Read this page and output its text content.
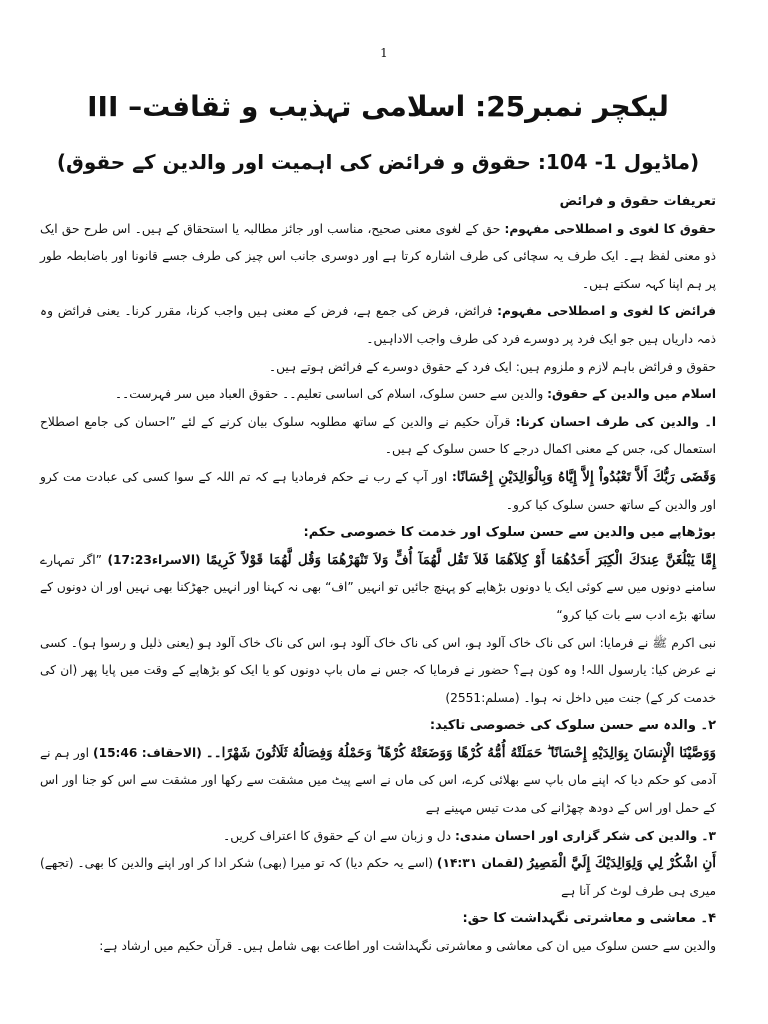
1
لیکچر نمبر25: اسلامی تہذیب و ثقافت– III
(ماڈیول 1- 104: حقوق و فرائض کی اہمیت اور والدین کے حقوق)

تعریفات حقوق و فرائض

حقوق کا لغوی و اصطلاحی مفہوم: حق کے لغوی معنی صحیح، مناسب اور جائز مطالبہ یا استحقاق کے ہیں۔ اس طرح حق ایک ذو معنی لفظ ہے۔ ایک طرف یہ سچائی کی طرف اشارہ کرتا ہے اور دوسری جانب اس چیز کی طرف جسے قانونا اور باضابطہ طور پر ہم اپنا کہہ سکتے ہیں۔

فرائض کا لغوی و اصطلاحی مفہوم: فرائض، فرض کی جمع ہے، فرض کے معنی ہیں واجب کرنا، مقرر کرنا۔ یعنی فرائض وہ ذمہ داریاں ہیں جو ایک فرد پر دوسرے فرد کی طرف واجب الاداہیں۔

حقوق و فرائض باہم لازم و ملزوم ہیں: ایک فرد کے حقوق دوسرے کے فرائض ہوتے ہیں۔

اسلام میں والدین کے حقوق: والدین سے حسن سلوک، اسلام کی اساسی تعلیم۔۔ حقوق العباد میں سر فہرست۔۔

ا۔ والدین کی طرف احسان کرنا: قرآن حکیم نے والدین کے ساتھ مطلوبہ سلوک بیان کرنے کے لئے ”احسان کی جامع اصطلاح استعمال کی، جس کے معنی اکمال درجے کا حسن سلوک کے ہیں۔

وَقَضَى رَبُّكَ أَلاَّ تَعْبُدُواْ إِلاَّ إِيَّاهُ وَبِالْوَالِدَيْنِ إِحْسَانًا: اور آپ کے رب نے حکم فرمادیا ہے کہ تم اللہ کے سوا کسی کی عبادت مت کرو اور والدین کے ساتھ حسن سلوک کیا کرو۔

بوڑھاپے میں والدین سے حسن سلوک اور خدمت کا خصوصی حکم:

إِمَّا يَبْلُغَنَّ عِندَكَ الْكِبَرَ أَحَدُهُمَا أَوْ كِلاَهُمَا فَلاَ تَقُل لَّهُمَآ أُفٍّ وَلاَ تَنْهَرْهُمَا وَقُل لَّهُمَا قَوْلاً كَرِيمًا (الاسراء17:23) ”اگر تمہارے سامنے دونوں میں سے کوئی ایک یا دونوں بڑھاپے کو پہنچ جائیں تو انہیں ”اف“ بھی نہ کہنا اور انہیں جھڑکنا بھی نہیں اور ان دونوں کے ساتھ بڑے ادب سے بات کیا کرو“

نبی اکرم ﷺ نے فرمایا: اس کی ناک خاک آلود ہو، اس کی ناک خاک آلود ہو، اس کی ناک خاک آلود ہو (یعنی ذلیل و رسوا ہو)۔ کسی نے عرض کیا: یارسول اللہ! وہ کون ہے؟ حضور نے فرمایا کہ جس نے ماں باپ دونوں کو یا ایک کو بڑھاپے کے وقت میں پایا پھر (ان کی خدمت کر کے) جنت میں داخل نہ ہوا۔ (مسلم:2551)

۲۔ والدہ سے حسن سلوک کی خصوصی تاکید:

وَوَصَّيْنَا الْإِنسَانَ بِوَالِدَيْهِ إِحْسَانًا ۖ حَمَلَتْهُ أُمُّهُ كُرْهًا وَوَضَعَتْهُ كُرْهًا ۖ وَحَمْلُهُ وَفِصَالُهُ ثَلَاثُونَ شَهْرًا۔۔ (الاحقاف: 15:46) اور ہم نے آدمی کو حکم دیا کہ اپنے ماں باپ سے بھلائی کرے، اس کی ماں نے اسے پیٹ میں مشقت سے رکھا اور مشقت سے اس کو جنا اور اس کے حمل اور اس کے دودھ چھڑانے کی مدت تیس مہینے ہے

۳۔ والدین کی شکر گزاری اور احسان مندی: دل و زبان سے ان کے حقوق کا اعتراف کریں۔

أَنِ اشْكُرْ لِي وَلِوَالِدَيْكَ إِلَيَّ الْمَصِيرُ (لقمان ۱۴:۳۱) (اسے یہ حکم دیا) کہ تو میرا (بھی) شکر ادا کر اور اپنے والدین کا بھی۔ (تجھے) میری ہی طرف لوٹ کر آنا ہے

۴۔ معاشی و معاشرتی نگہداشت کا حق:

والدین سے حسن سلوک میں ان کی معاشی و معاشرتی نگہداشت اور اطاعت بھی شامل ہیں۔ قرآن حکیم میں ارشاد ہے:
